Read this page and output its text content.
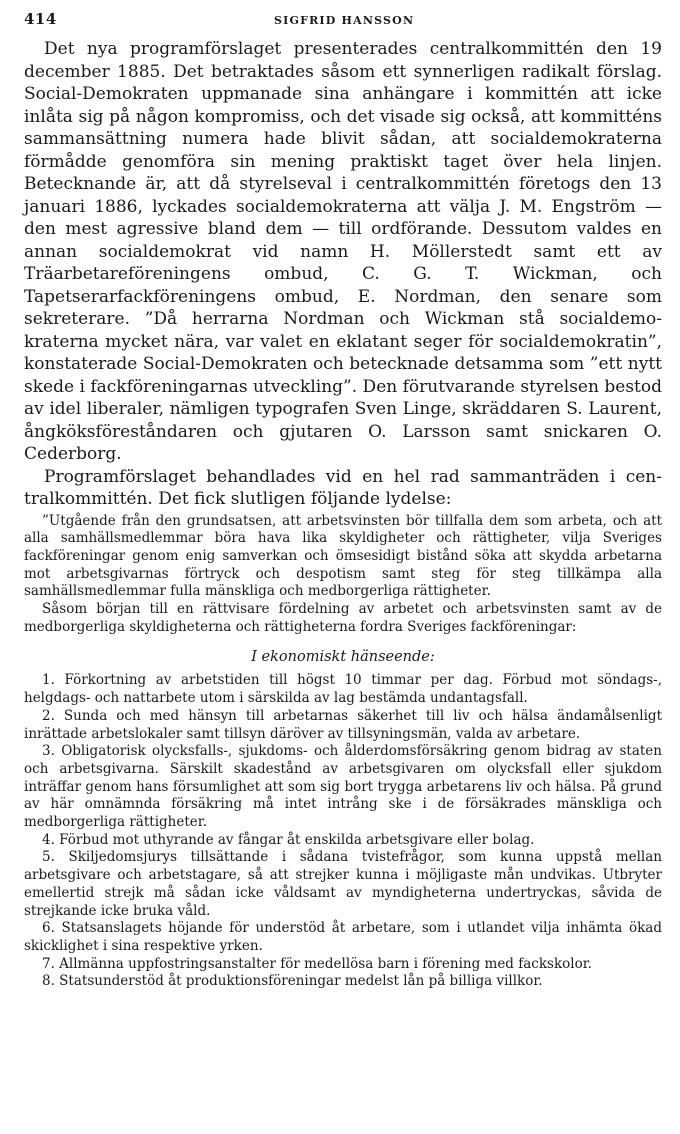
414	SIGFRID HANSSON

Det nya programförslaget presenterades centralkommittén den 19 december 1885. Det betraktades såsom ett synnerligen radikalt förslag. Social-Demokraten uppmanade sina anhängare i kommittén att icke inlåta sig på någon kompromiss, och det visade sig också, att kommitténs sammansättning numera hade blivit sådan, att socialdemokraterna förmådde genomföra sin mening praktiskt taget över hela linjen. Betecknande är, att då styrelseval i centralkommittén företogs den 13 januari 1886, lyckades socialdemokraterna att välja J. M. Engström — den mest agressive bland dem — till ordförande. Dessutom valdes en annan socialdemokrat vid namn H. Möllerstedt samt ett av Träarbetareföreningens ombud, C. G. T. Wickman, och Tapetserarfackföreningens ombud, E. Nordman, den senare som sekreterare. ”Då herrarna Nordman och Wickman stå socialdemokraterna mycket nära, var valet en eklatant seger för socialdemokratin”, konstaterade Social-Demokraten och betecknade detsamma som ”ett nytt skede i fackföreningarnas utveckling”. Den förutvarande styrelsen bestod av idel liberaler, nämligen typografen Sven Linge, skräddaren S. Laurent, ångköksföreståndaren och gjutaren O. Larsson samt snickaren O. Cederborg.

Programförslaget behandlades vid en hel rad sammanträden i centralkommittén. Det fick slutligen följande lydelse:

”Utgående från den grundsatsen, att arbetsvinsten bör tillfalla dem som arbeta, och att alla samhällsmedlemmar böra hava lika skyldigheter och rättigheter, vilja Sveriges fackföreningar genom enig samverkan och ömsesidigt bistånd söka att skydda arbetarna mot arbetsgivarnas förtryck och despotism samt steg för steg tillkämpa alla samhällsmedlemmar fulla mänskliga och medborgerliga rättigheter.

Såsom början till en rättvisare fördelning av arbetet och arbetsvinsten samt av de medborgerliga skyldigheterna och rättigheterna fordra Sveriges fackföreningar:

I ekonomiskt hänseende:
1. Förkortning av arbetstiden till högst 10 timmar per dag. Förbud mot söndags-, helgdags- och nattarbete utom i särskilda av lag bestämda undantagsfall.
2. Sunda och med hänsyn till arbetarnas säkerhet till liv och hälsa ändamålsenligt inrättade arbetslokaler samt tillsyn däröver av tillsyningsmän, valda av arbetare.
3. Obligatorisk olycksfalls-, sjukdoms- och ålderdomsförsäkring genom bidrag av staten och arbetsgivarna. Särskilt skadestånd av arbetsgivaren om olycksfall eller sjukdom inträffar genom hans försumlighet att som sig bort trygga arbetarens liv och hälsa. På grund av här omnämnda försäkring må intet intrång ske i de försäkrades mänskliga och medborgerliga rättigheter.
4. Förbud mot uthyrande av fångar åt enskilda arbetsgivare eller bolag.
5. Skiljedomsjurys tillsättande i sådana tvistefrågor, som kunna uppstå mellan arbetsgivare och arbetstagare, så att strejker kunna i möjligaste mån undvikas. Utbryter emellertid strejk må sådan icke våldsamt av myndigheterna undertryckas, såvida de strejkande icke bruka våld.
6. Statsanslagets höjande för understöd åt arbetare, som i utlandet vilja inhämta ökad skicklighet i sina respektive yrken.
7. Allmänna uppfostringsanstalter för medellösa barn i förening med fackskolor.
8. Statsunderstöd åt produktionsföreningar medelst lån på billiga villkor.
